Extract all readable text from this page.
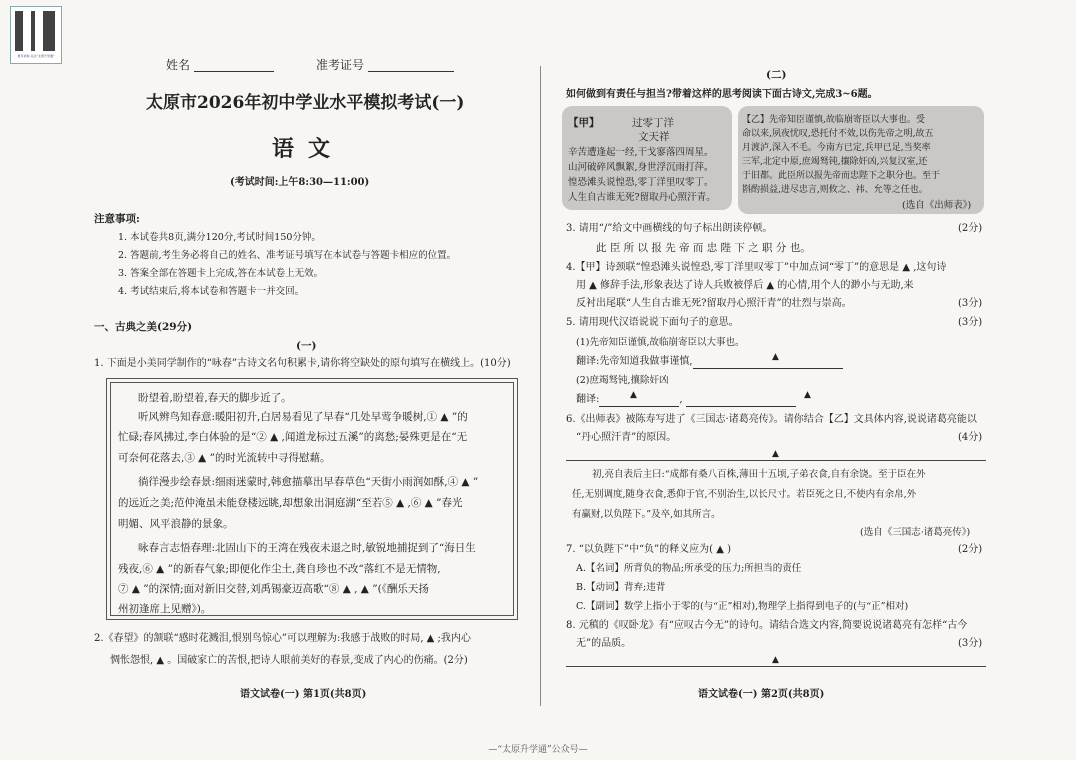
更多试卷·关注“太原升学通”
姓名	准考证号
太原市2026年初中学业水平模拟考试(一)
语文
(考试时间:上午8:30—11:00)
注意事项:
1. 本试卷共8页,满分120分,考试时间150分钟。
2. 答题前,考生务必将自己的姓名、准考证号填写在本试卷与答题卡相应的位置。
3. 答案全部在答题卡上完成,答在本试卷上无效。
4. 考试结束后,将本试卷和答题卡一并交回。
一、古典之美(29分)
(一)
1. 下面是小美同学制作的“咏春”古诗文名句积累卡,请你将空缺处的原句填写在横线上。(10分)
盼望着,盼望着,春天的脚步近了。
听风辨鸟知春意:暖阳初升,白居易看见了早春“几处早莺争暖树,① ▲ ”的
忙碌;春风拂过,李白体验的是“② ▲ ,闻道龙标过五溪”的离愁;晏殊更是在“无
可奈何花落去,③ ▲ ”的时光流转中寻得慰藉。
徜徉漫步绘春景:细雨迷蒙时,韩愈描摹出早春草色“天街小雨润如酥,④ ▲ ”
的远近之美;范仲淹虽未能登楼远眺,却想象出洞庭湖“至若⑤ ▲ ,⑥ ▲ ”春光
明媚、风平浪静的景象。
咏春言志悟春理:北固山下的王湾在残夜未退之时,敏锐地捕捉到了“海日生
残夜,⑥ ▲ ”的新春气象;即便化作尘土,龚自珍也不改“落红不是无情物,
⑦ ▲ ”的深情;面对新旧交替,刘禹锡豪迈高歌“⑧ ▲ , ▲ ”(《酬乐天扬
州初逢席上见赠》)。
2.《春望》的颔联“感时花溅泪,恨别鸟惊心”可以理解为:我感于战败的时局, ▲ ;我内心
惆怅怨恨, ▲ 。国破家亡的苦恨,把诗人眼前美好的春景,变成了内心的伤痛。(2分)
语文试卷(一) 第1页(共8页)
(二)
如何做到有责任与担当?带着这样的思考阅读下面古诗文,完成3~6题。
【甲】	过零丁洋
文天祥
辛苦遭逢起一经,干戈寥落四周星。
山河破碎风飘絮,身世浮沉雨打萍。
惶恐滩头说惶恐,零丁洋里叹零丁。
人生自古谁无死?留取丹心照汗青。
【乙】先帝知臣谨慎,故临崩寄臣以大事也。受
命以来,夙夜忧叹,恐托付不效,以伤先帝之明,故五
月渡泸,深入不毛。今南方已定,兵甲已足,当奖率
三军,北定中原,庶竭驽钝,攘除奸凶,兴复汉室,还
于旧都。此臣所以报先帝而忠陛下之职分也。至于
斟酌损益,进尽忠言,则攸之、祎、允等之任也。
(选自《出师表》)
3. 请用“/”给文中画横线的句子标出朗读停顿。	(2分)
此 臣 所 以 报 先 帝 而 忠 陛 下 之 职 分 也。
4.【甲】诗颈联“惶恐滩头说惶恐,零丁洋里叹零丁”中加点词“零丁”的意思是 ▲ ,这句诗
用 ▲ 修辞手法,形象表达了诗人兵败被俘后 ▲ 的心情,用个人的渺小与无助,来
反衬出尾联“人生自古谁无死?留取丹心照汗青”的壮烈与崇高。	(3分)
5. 请用现代汉语说说下面句子的意思。	(3分)
(1)先帝知臣谨慎,故临崩寄臣以大事也。
翻译:先帝知道我做事谨慎,	▲
(2)庶竭驽钝,攘除奸凶
翻译:	,
▲	▲
6.《出师表》被陈寿写进了《三国志·诸葛亮传》。请你结合【乙】文具体内容,说说诸葛亮能以
“丹心照汗青”的原因。	(4分)
▲
初,亮自表后主曰:“成都有桑八百株,薄田十五顷,子弟衣食,自有余饶。至于臣在外
任,无别调度,随身衣食,悉仰于官,不别治生,以长尺寸。若臣死之日,不使内有余帛,外
有赢财,以负陛下。”及卒,如其所言。
(选自《三国志·诸葛亮传》)
7. “以负陛下”中“负”的释义应为( ▲ )	(2分)
A.【名词】所背负的物品;所承受的压力;所担当的责任
B.【动词】背弃;违背
C.【副词】数学上指小于零的(与“正”相对),物理学上指得到电子的(与“正”相对)
8. 元稹的《叹卧龙》有“应叹古今无”的诗句。请结合选文内容,简要说说诸葛亮有怎样“古今
无”的品质。	(3分)
▲
语文试卷(一) 第2页(共8页)
—“太原升学通”公众号—
